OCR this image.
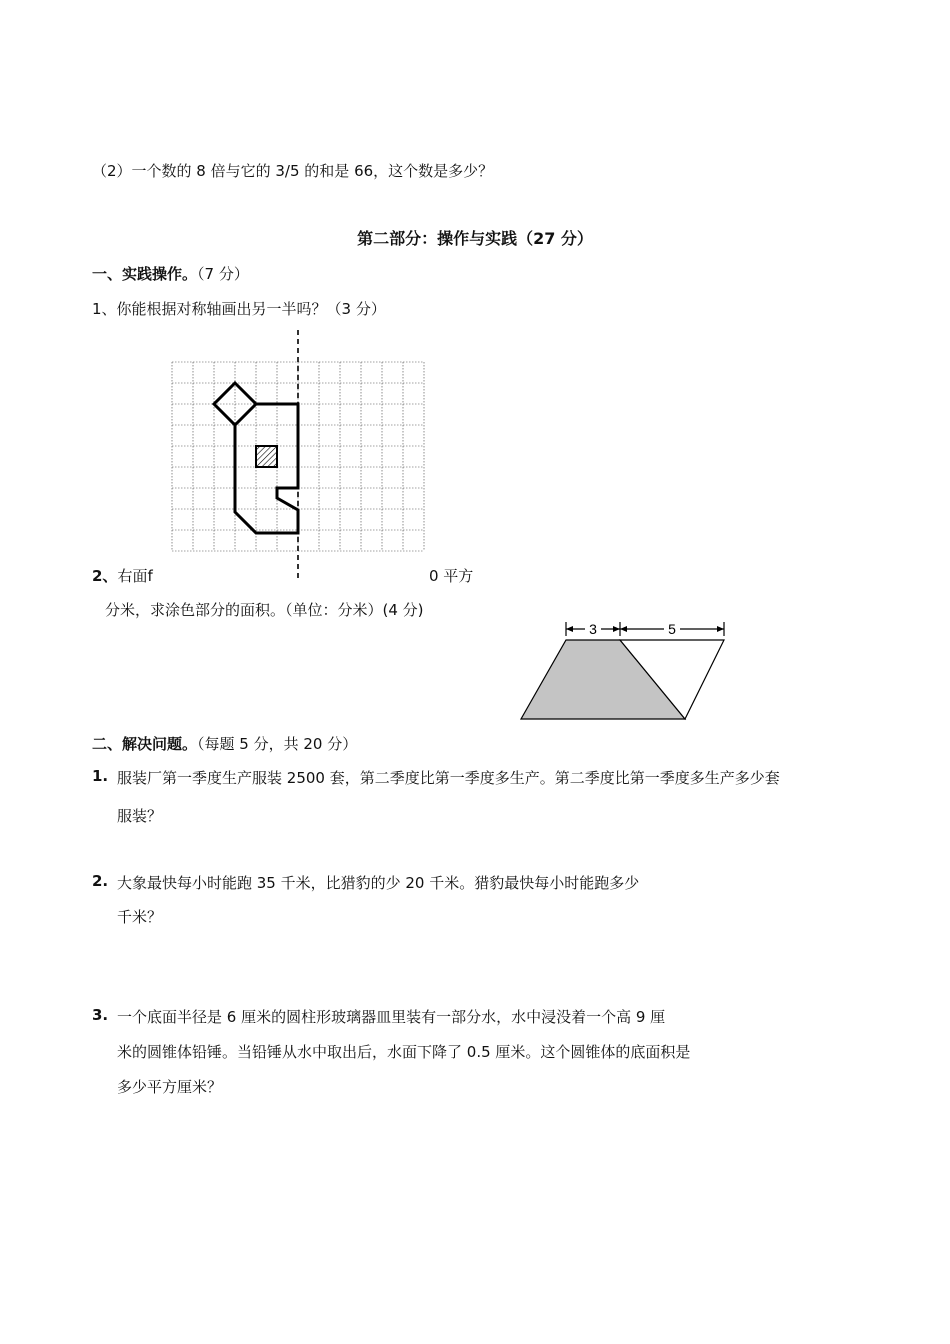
（2）一个数的 8 倍与它的 3/5 的和是 66，这个数是多少？
第二部分：操作与实践（27 分）
一、实践操作。（7 分）
1、你能根据对称轴画出另一半吗？（3 分）
2、右面f	0 平方
分米，求涂色部分的面积。（单位：分米）(4 分)
3	5
二、解决问题。（每题 5 分，共 20 分）
1. 服装厂第一季度生产服装 2500 套，第二季度比第一季度多生产。第二季度比第一季度多生产多少套
服装？
2. 大象最快每小时能跑 35 千米，比猎豹的少 20 千米。猎豹最快每小时能跑多少
千米？
3. 一个底面半径是 6 厘米的圆柱形玻璃器皿里装有一部分水，水中浸没着一个高 9 厘
米的圆锥体铅锤。当铅锤从水中取出后，水面下降了 0.5 厘米。这个圆锥体的底面积是
多少平方厘米？
